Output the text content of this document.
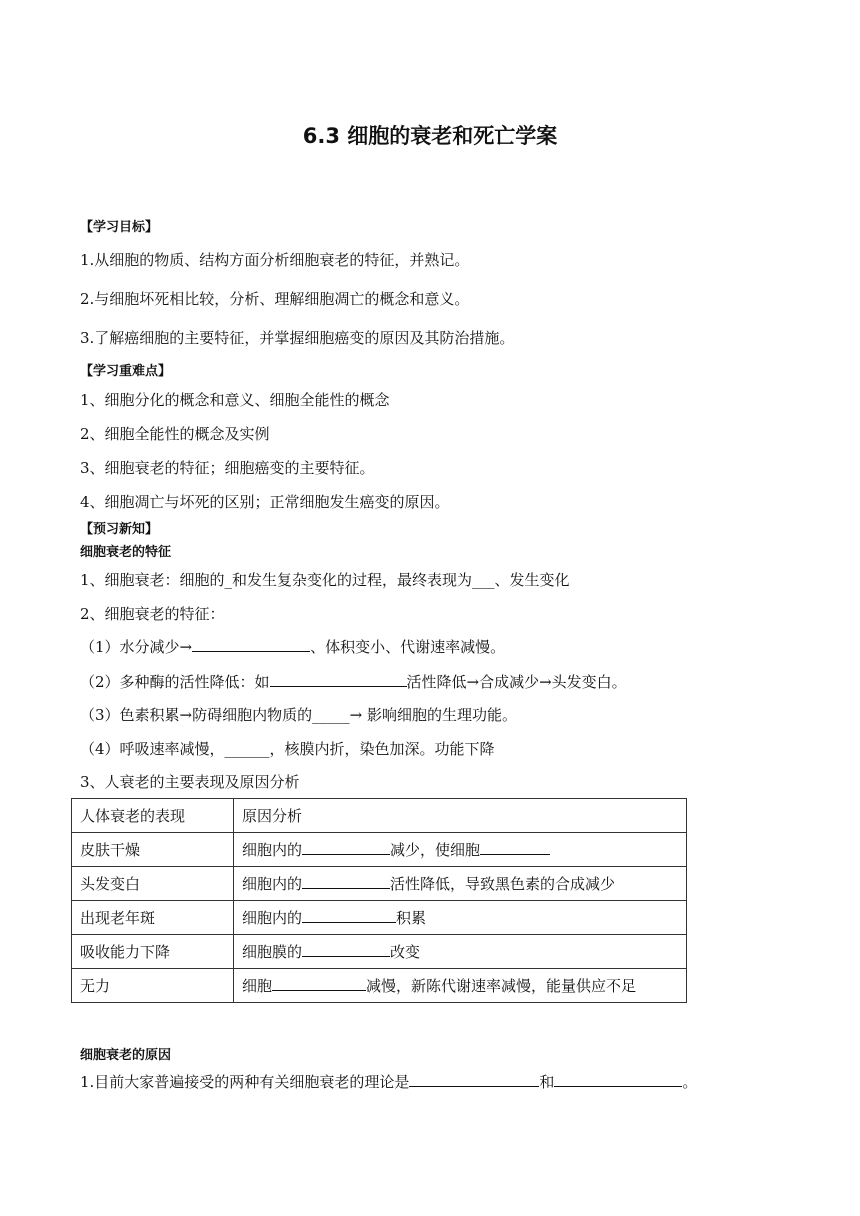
6.3 细胞的衰老和死亡学案
【学习目标】
1.从细胞的物质、结构方面分析细胞衰老的特征，并熟记。
2.与细胞坏死相比较，分析、理解细胞凋亡的概念和意义。
3.了解癌细胞的主要特征，并掌握细胞癌变的原因及其防治措施。
【学习重难点】
1、细胞分化的概念和意义、细胞全能性的概念
2、细胞全能性的概念及实例
3、细胞衰老的特征；细胞癌变的主要特征。
4、细胞凋亡与坏死的区别；正常细胞发生癌变的原因。
【预习新知】
细胞衰老的特征
1、细胞衰老：细胞的_和发生复杂变化的过程，最终表现为___、发生变化
2、细胞衰老的特征：
（1）水分减少→	、体积变小、代谢速率减慢。
（2）多种酶的活性降低：如	活性降低→合成减少→头发变白。
（3）色素积累→防碍细胞内物质的_____→ 影响细胞的生理功能。
（4）呼吸速率减慢，______，核膜内折，染色加深。功能下降
3、人衰老的主要表现及原因分析
人体衰老的表现	原因分析
皮肤干燥	细胞内的 减少，使细胞
头发变白	细胞内的 活性降低，导致黑色素的合成减少
出现老年斑	细胞内的 积累
吸收能力下降	细胞膜的 改变
无力	细胞 减慢，新陈代谢速率减慢，能量供应不足
细胞衰老的原因
1.目前大家普遍接受的两种有关细胞衰老的理论是	和	。
